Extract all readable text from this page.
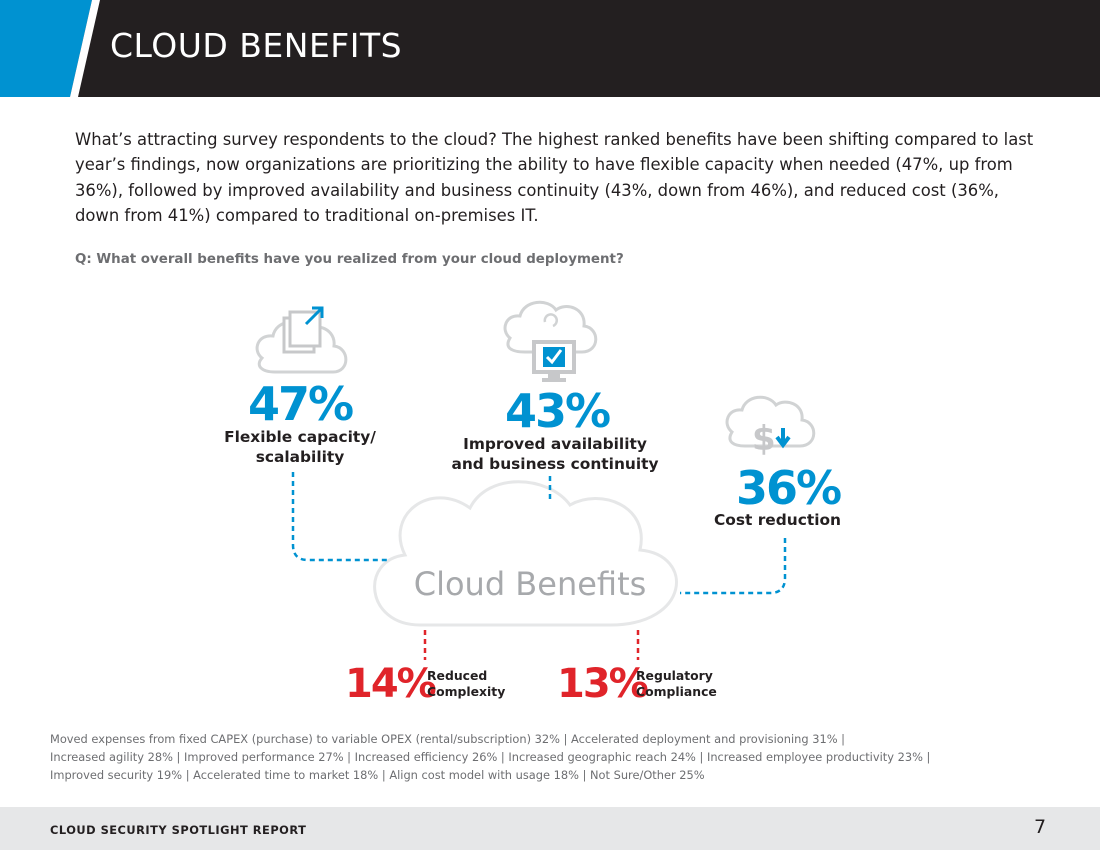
CLOUD BENEFITS
What’s attracting survey respondents to the cloud? The highest ranked benefits have been shifting compared to last year’s findings, now organizations are prioritizing the ability to have flexible capacity when needed (47%, up from 36%), followed by improved availability and business continuity (43%, down from 46%), and reduced cost (36%, down from 41%) compared to traditional on-premises IT.
Q: What overall benefits have you realized from your cloud deployment?
$
Cloud Benefits
47%
Flexible capacity/
scalability
43%
Improved availability
and business continuity	36%
Cost reduction
14%
Reduced
Complexity 13%
Regulatory
Compliance
Moved expenses from fixed CAPEX (purchase) to variable OPEX (rental/subscription) 32% | Accelerated deployment and provisioning 31% |
Increased agility 28% | Improved performance 27% | Increased efficiency 26% | Increased geographic reach 24% | Increased employee productivity 23% |
Improved security 19% | Accelerated time to market 18% | Align cost model with usage 18% | Not Sure/Other 25%
CLOUD SECURITY SPOTLIGHT REPORT	7
